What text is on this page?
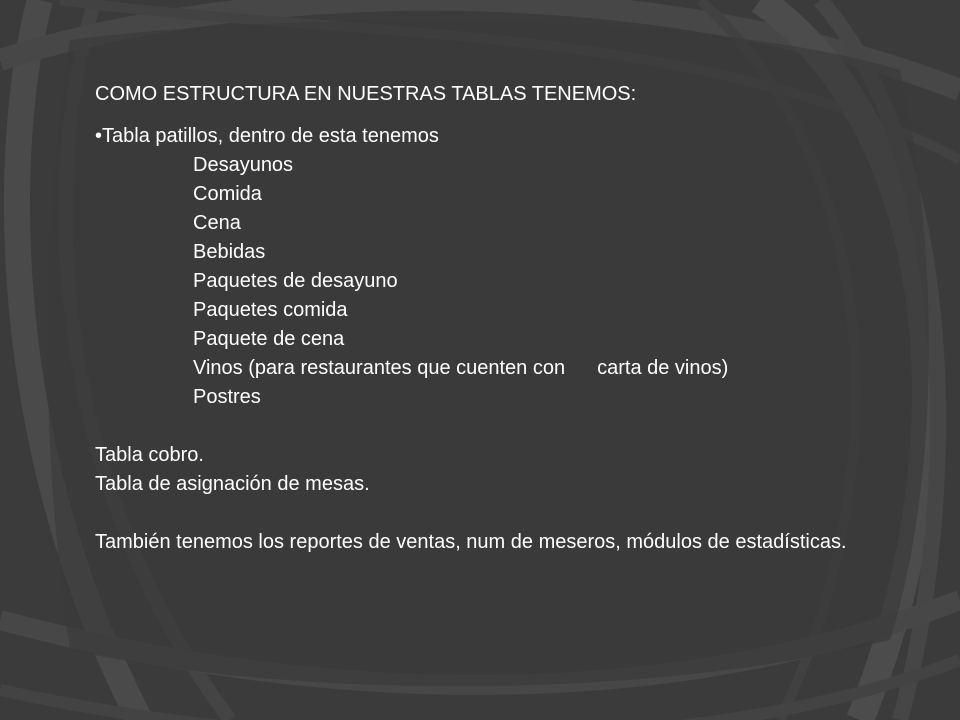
COMO ESTRUCTURA EN NUESTRAS TABLAS TENEMOS:

•Tabla patillos, dentro de esta tenemos
Desayunos
Comida
Cena
Bebidas
Paquetes de desayuno
Paquetes comida
Paquete de cena
Vinos (para restaurantes que cuenten con carta de vinos)
Postres

Tabla cobro.

Tabla de asignación de mesas.

También tenemos los reportes de ventas, num de meseros, módulos de estadísticas.
